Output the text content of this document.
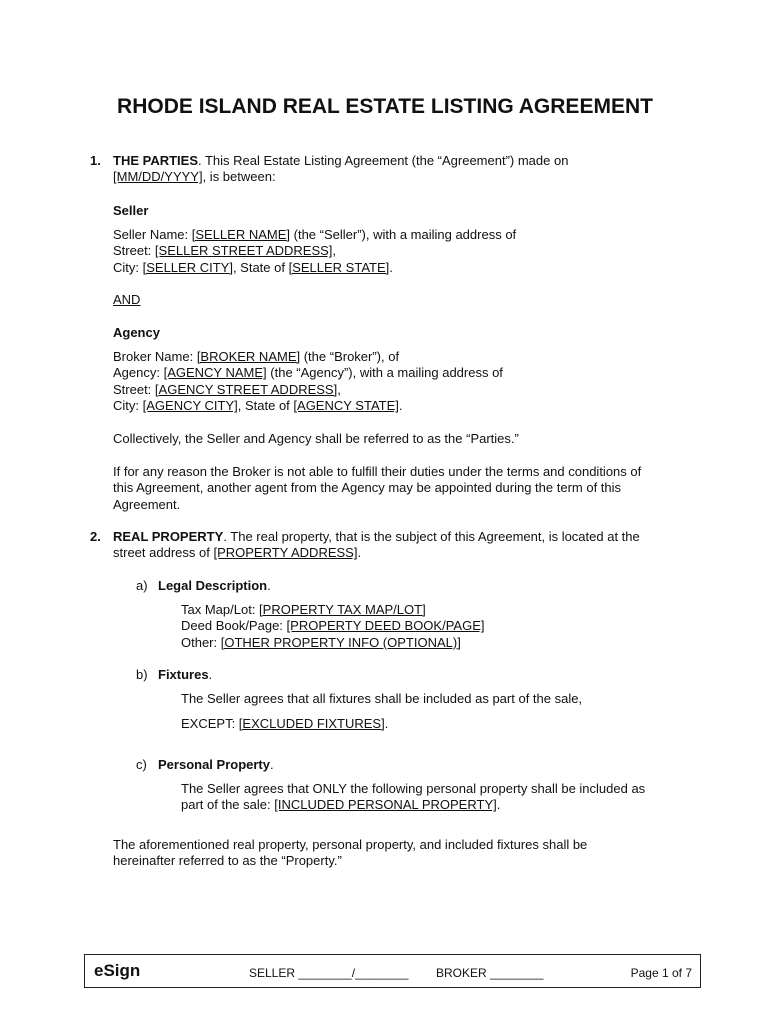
RHODE ISLAND REAL ESTATE LISTING AGREEMENT
1. THE PARTIES. This Real Estate Listing Agreement (the “Agreement”) made on
[MM/DD/YYYY], is between:
Seller
Seller Name: [SELLER NAME] (the “Seller”), with a mailing address of
Street: [SELLER STREET ADDRESS],
City: [SELLER CITY], State of [SELLER STATE].
AND
Agency
Broker Name: [BROKER NAME] (the “Broker”), of
Agency: [AGENCY NAME] (the “Agency”), with a mailing address of
Street: [AGENCY STREET ADDRESS],
City: [AGENCY CITY], State of [AGENCY STATE].
Collectively, the Seller and Agency shall be referred to as the “Parties.”
If for any reason the Broker is not able to fulfill their duties under the terms and conditions of
this Agreement, another agent from the Agency may be appointed during the term of this
Agreement.
2. REAL PROPERTY. The real property, that is the subject of this Agreement, is located at the
street address of [PROPERTY ADDRESS].
a) Legal Description.
Tax Map/Lot: [PROPERTY TAX MAP/LOT]
Deed Book/Page: [PROPERTY DEED BOOK/PAGE]
Other: [OTHER PROPERTY INFO (OPTIONAL)]
b) Fixtures.
The Seller agrees that all fixtures shall be included as part of the sale,
EXCEPT: [EXCLUDED FIXTURES].
c) Personal Property.
The Seller agrees that ONLY the following personal property shall be included as
part of the sale: [INCLUDED PERSONAL PROPERTY].
The aforementioned real property, personal property, and included fixtures shall be
hereinafter referred to as the “Property.”
eSign	SELLER ________/________ BROKER ________	Page 1 of 7
